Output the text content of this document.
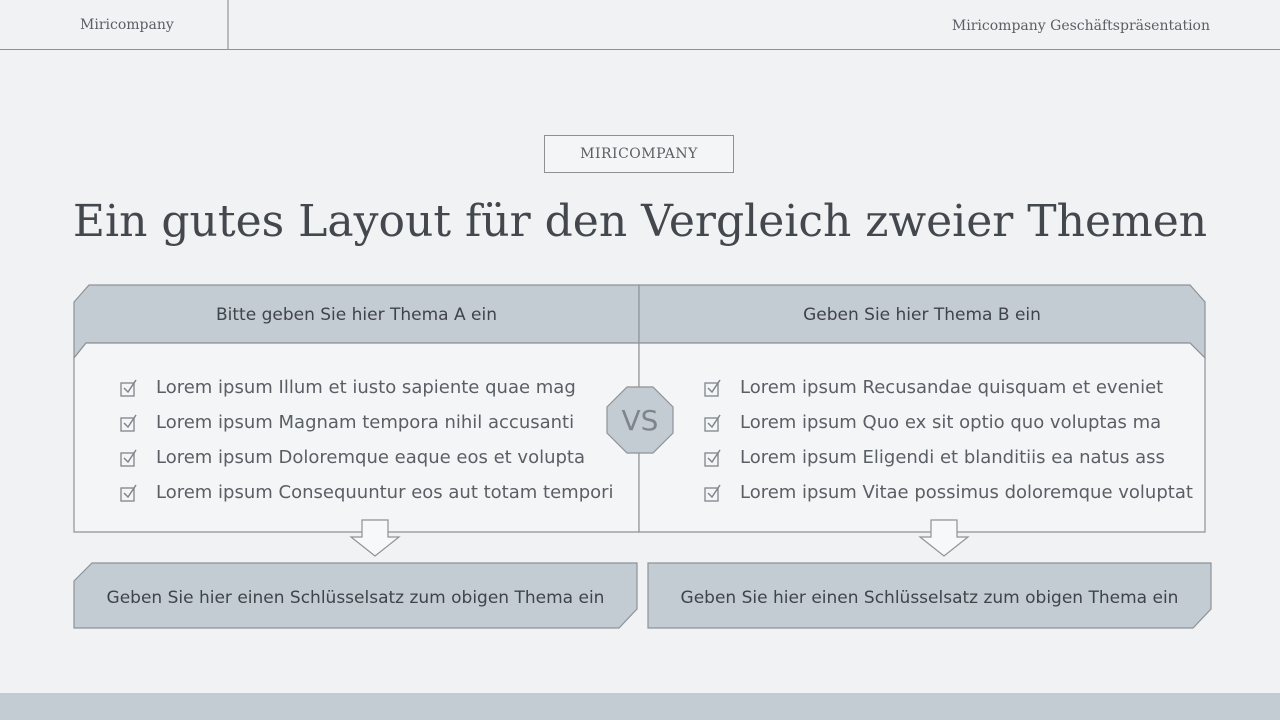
Miricompany	Miricompany Geschäftspräsentation
MIRICOMPANY
Ein gutes Layout für den Vergleich zweier Themen
Bitte geben Sie hier Thema A ein	Geben Sie hier Thema B ein
VS
Lorem ipsum Illum et iusto sapiente quae mag
Lorem ipsum Magnam tempora nihil accusanti
Lorem ipsum Doloremque eaque eos et volupta
Lorem ipsum Consequuntur eos aut totam tempori
Lorem ipsum Recusandae quisquam et eveniet
Lorem ipsum Quo ex sit optio quo voluptas ma
Lorem ipsum Eligendi et blanditiis ea natus ass
Lorem ipsum Vitae possimus doloremque voluptat
Geben Sie hier einen Schlüsselsatz zum obigen Thema ein	Geben Sie hier einen Schlüsselsatz zum obigen Thema ein
